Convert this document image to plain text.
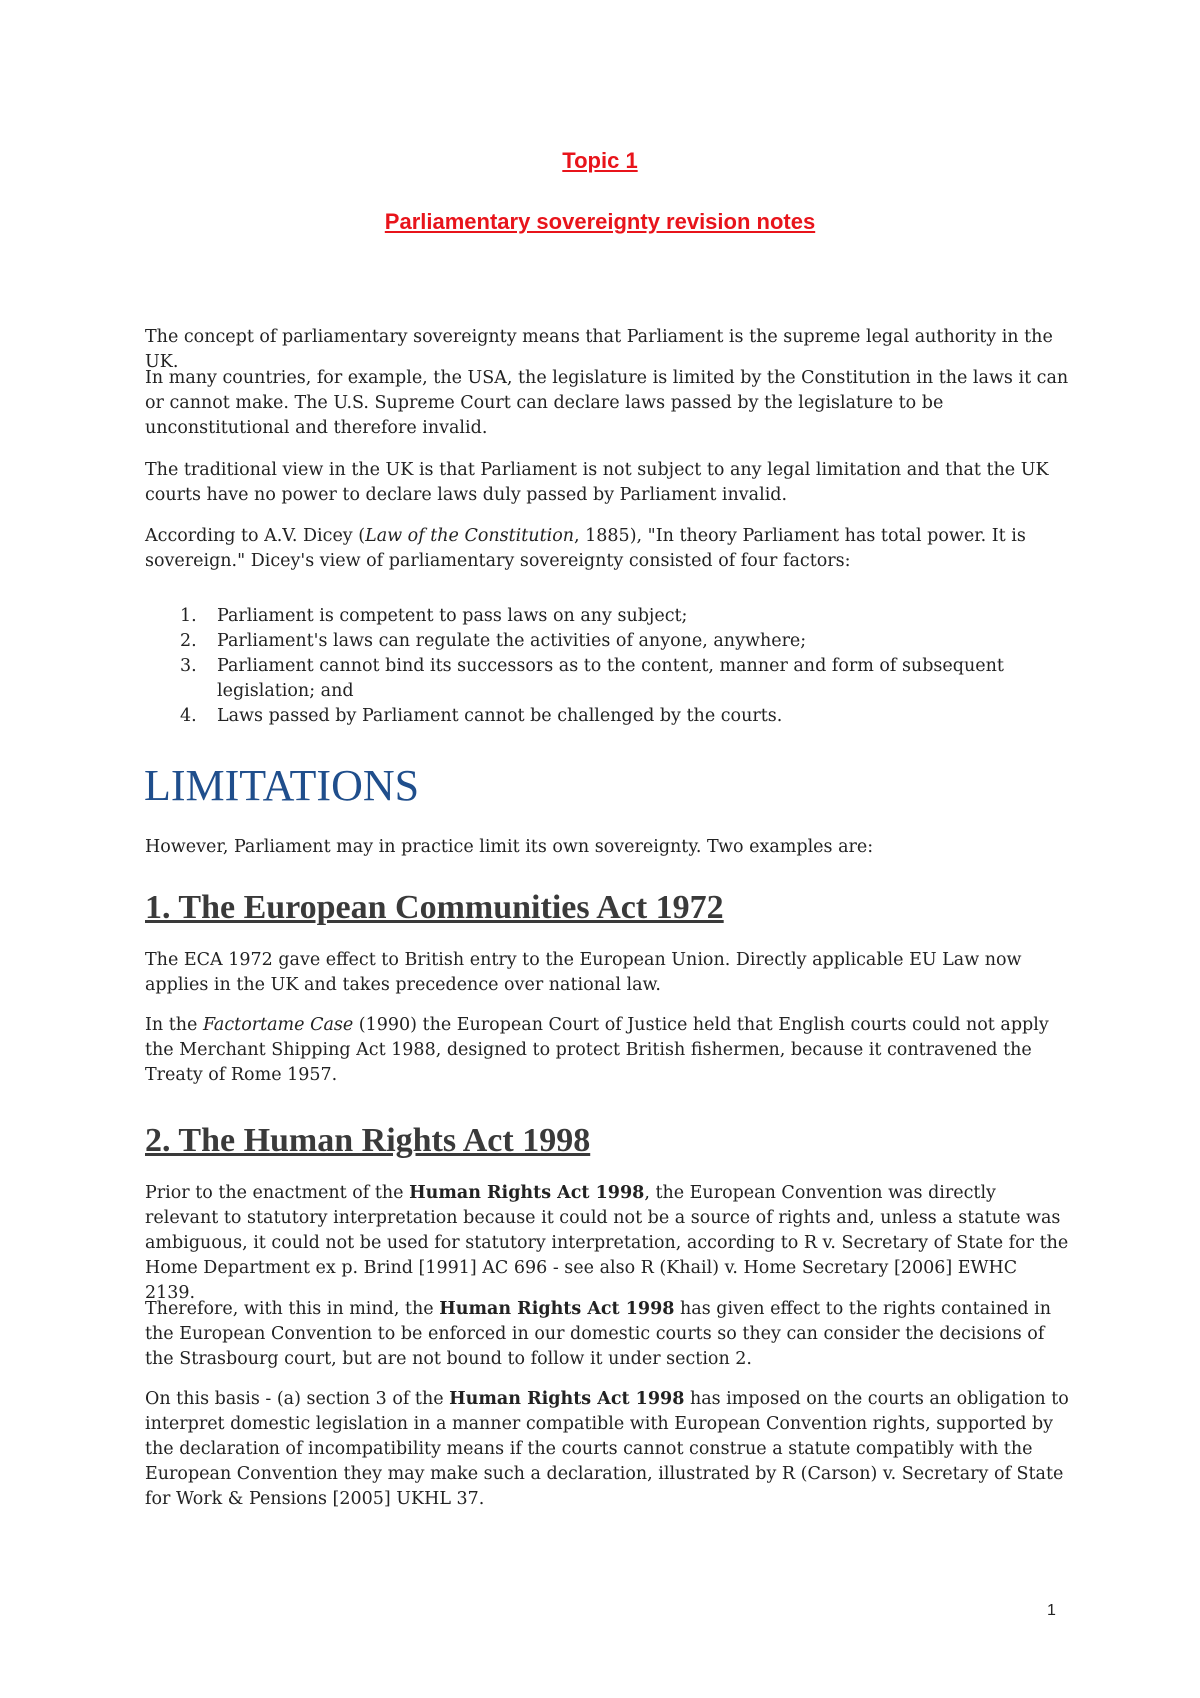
Topic 1
Parliamentary sovereignty revision notes

The concept of parliamentary sovereignty means that Parliament is the supreme legal authority in the UK.

In many countries, for example, the USA, the legislature is limited by the Constitution in the laws it can or cannot make. The U.S. Supreme Court can declare laws passed by the legislature to be unconstitutional and therefore invalid.

The traditional view in the UK is that Parliament is not subject to any legal limitation and that the UK courts have no power to declare laws duly passed by Parliament invalid.

According to A.V. Dicey (Law of the Constitution, 1885), "In theory Parliament has total power. It is sovereign." Dicey's view of parliamentary sovereignty consisted of four factors:

1. Parliament is competent to pass laws on any subject;
2. Parliament's laws can regulate the activities of anyone, anywhere;
3. Parliament cannot bind its successors as to the content, manner and form of subsequent legislation; and
4. Laws passed by Parliament cannot be challenged by the courts.
LIMITATIONS

However, Parliament may in practice limit its own sovereignty. Two examples are:

1. The European Communities Act 1972

The ECA 1972 gave effect to British entry to the European Union. Directly applicable EU Law now applies in the UK and takes precedence over national law.

In the Factortame Case (1990) the European Court of Justice held that English courts could not apply the Merchant Shipping Act 1988, designed to protect British fishermen, because it contravened the Treaty of Rome 1957.

2. The Human Rights Act 1998

Prior to the enactment of the Human Rights Act 1998, the European Convention was directly relevant to statutory interpretation because it could not be a source of rights and, unless a statute was ambiguous, it could not be used for statutory interpretation, according to R v. Secretary of State for the Home Department ex p. Brind [1991] AC 696 - see also R (Khail) v. Home Secretary [2006] EWHC 2139.

Therefore, with this in mind, the Human Rights Act 1998 has given effect to the rights contained in the European Convention to be enforced in our domestic courts so they can consider the decisions of the Strasbourg court, but are not bound to follow it under section 2.

On this basis - (a) section 3 of the Human Rights Act 1998 has imposed on the courts an obligation to interpret domestic legislation in a manner compatible with European Convention rights, supported by the declaration of incompatibility means if the courts cannot construe a statute compatibly with the European Convention they may make such a declaration, illustrated by R (Carson) v. Secretary of State for Work & Pensions [2005] UKHL 37.

1
